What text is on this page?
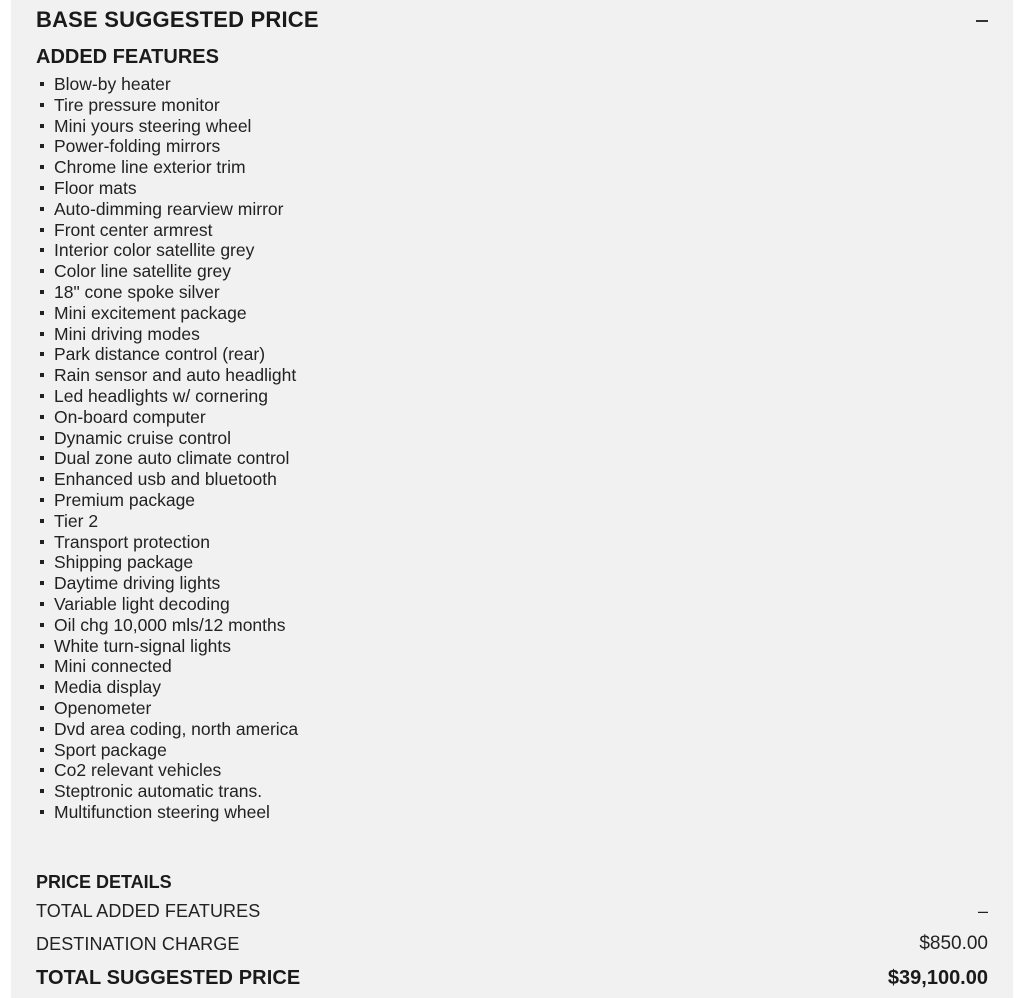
BASE SUGGESTED PRICE
ADDED FEATURES
Blow-by heater
Tire pressure monitor
Mini yours steering wheel
Power-folding mirrors
Chrome line exterior trim
Floor mats
Auto-dimming rearview mirror
Front center armrest
Interior color satellite grey
Color line satellite grey
18" cone spoke silver
Mini excitement package
Mini driving modes
Park distance control (rear)
Rain sensor and auto headlight
Led headlights w/ cornering
On-board computer
Dynamic cruise control
Dual zone auto climate control
Enhanced usb and bluetooth
Premium package
Tier 2
Transport protection
Shipping package
Daytime driving lights
Variable light decoding
Oil chg 10,000 mls/12 months
White turn-signal lights
Mini connected
Media display
Openometer
Dvd area coding, north america
Sport package
Co2 relevant vehicles
Steptronic automatic trans.
Multifunction steering wheel
PRICE DETAILS
TOTAL ADDED FEATURES	–
DESTINATION CHARGE	$850.00
TOTAL SUGGESTED PRICE	$39,100.00
